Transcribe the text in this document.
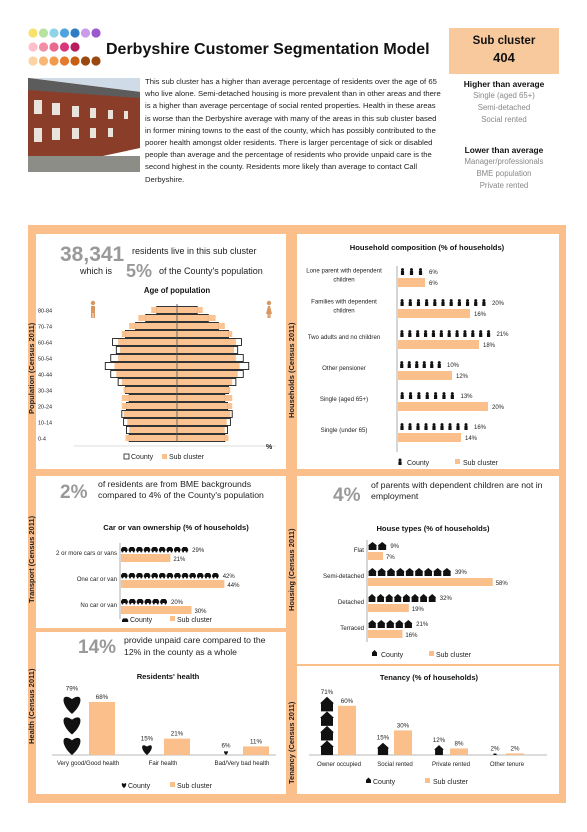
Derbyshire Customer Segmentation Model	Sub cluster
404
This sub cluster has a higher than average percentage of residents over the age of 65 who live alone. Semi-detached housing is more prevalent than in other areas and there is a higher than average percentage of social rented properties. Health in these areas is worse than the Derbyshire average with many of the areas in this sub cluster based in former mining towns to the east of the county, which has possibly contributed to the poorer health amongst older residents. There is larger percentage of sick or disabled people than average and the percentage of residents who provide unpaid care is the second highest in the county. Residents more likely than average to contact Call Derbyshire.
Higher than average
Single (aged 65+)
Semi-detached
Social rented
Lower than average
Manager/professionals
BME population
Private rented
38,341 residents live in this sub cluster
which is 5% of the County's population
Age of population
0-4
10-14
20-24
30-34
40-44
50-54
60-64
70-74
80-84
%
County Sub cluster
Population (Census 2011)
Household composition (% of households)
Lone parent with dependent children
6%
6%
Families with dependent children
20%
16%
Two adults and no children	21%
18%
Other pensioner	10%
12%
Single (aged 65+)	13%
20%
Single (under 65)	16%
14%
County	Sub cluster
Households (Census 2011)
2% of residents are from BME backgrounds compared to 4% of the County's population
Car or van ownership (% of households)
2 or more cars or vans	29%
21%
One car or van	42%
44%
No car or van	20%
30%
County	Sub cluster
Transport (Census 2011)
4% of parents with dependent children are not in employment
House types (% of households)
Flat	9%
7%
Semi-detached	39%
58%
Detached	32%
19%
Terraced	21%
16%
County	Sub cluster
Housing (Census 2011)
14% provide unpaid care compared to the 12% in the county as a whole
Residents' health
79%
68%
Very good/Good health
15%
21%
Fair health
6%
11%
Bad/Very bad health
County	Sub cluster
Health (Census 2011)	Tenancy (% of households)
71%
60%
Owner occupied
15%
30%
Social rented
12% 8%
Private rented
2% 2%
Other tenure
County	Sub cluster
Tenancy (Census 2011)
